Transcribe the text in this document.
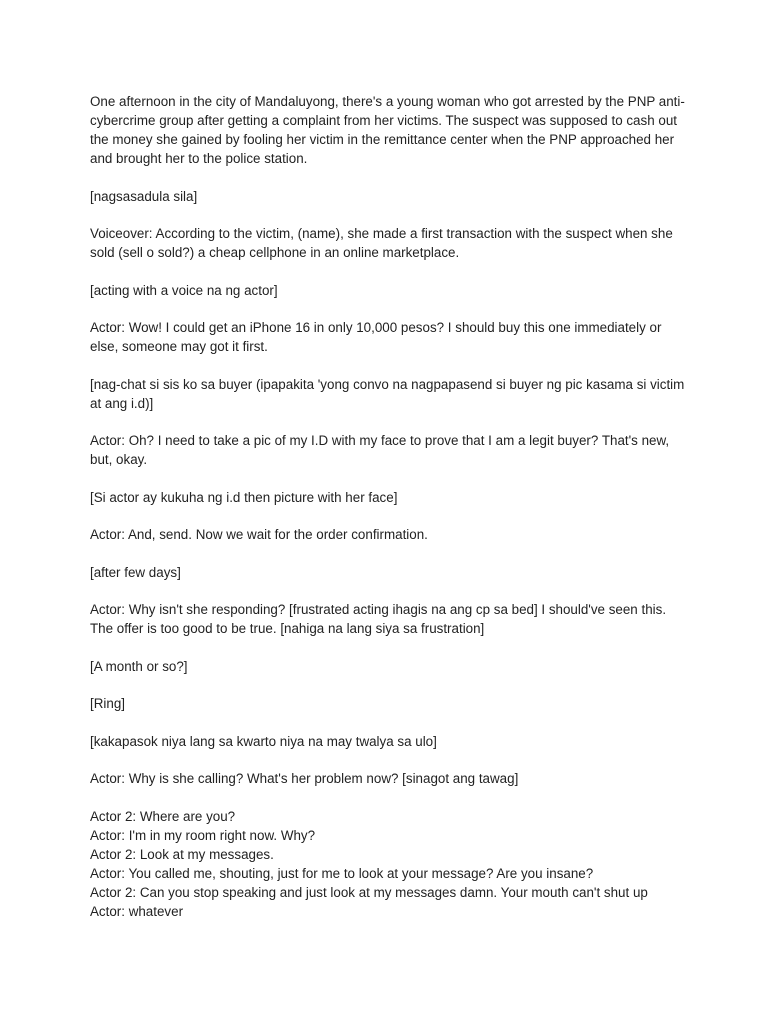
One afternoon in the city of Mandaluyong, there's a young woman who got arrested by the PNP anti-cybercrime group after getting a complaint from her victims. The suspect was supposed to cash out the money she gained by fooling her victim in the remittance center when the PNP approached her and brought her to the police station.

[nagsasadula sila]

Voiceover: According to the victim, (name), she made a first transaction with the suspect when she sold (sell o sold?) a cheap cellphone in an online marketplace.

[acting with a voice na ng actor]

Actor: Wow! I could get an iPhone 16 in only 10,000 pesos? I should buy this one immediately or else, someone may got it first.

[nag-chat si sis ko sa buyer (ipapakita 'yong convo na nagpapasend si buyer ng pic kasama si victim at ang i.d)]

Actor: Oh? I need to take a pic of my I.D with my face to prove that I am a legit buyer? That's new, but, okay.

[Si actor ay kukuha ng i.d then picture with her face]

Actor: And, send. Now we wait for the order confirmation.

[after few days]

Actor: Why isn't she responding? [frustrated acting ihagis na ang cp sa bed] I should've seen this. The offer is too good to be true. [nahiga na lang siya sa frustration]

[A month or so?]

[Ring]

[kakapasok niya lang sa kwarto niya na may twalya sa ulo]

Actor: Why is she calling? What's her problem now? [sinagot ang tawag]

Actor 2: Where are you?
Actor: I'm in my room right now. Why?
Actor 2: Look at my messages.
Actor: You called me, shouting, just for me to look at your message? Are you insane?
Actor 2: Can you stop speaking and just look at my messages damn. Your mouth can't shut up
Actor: whatever
